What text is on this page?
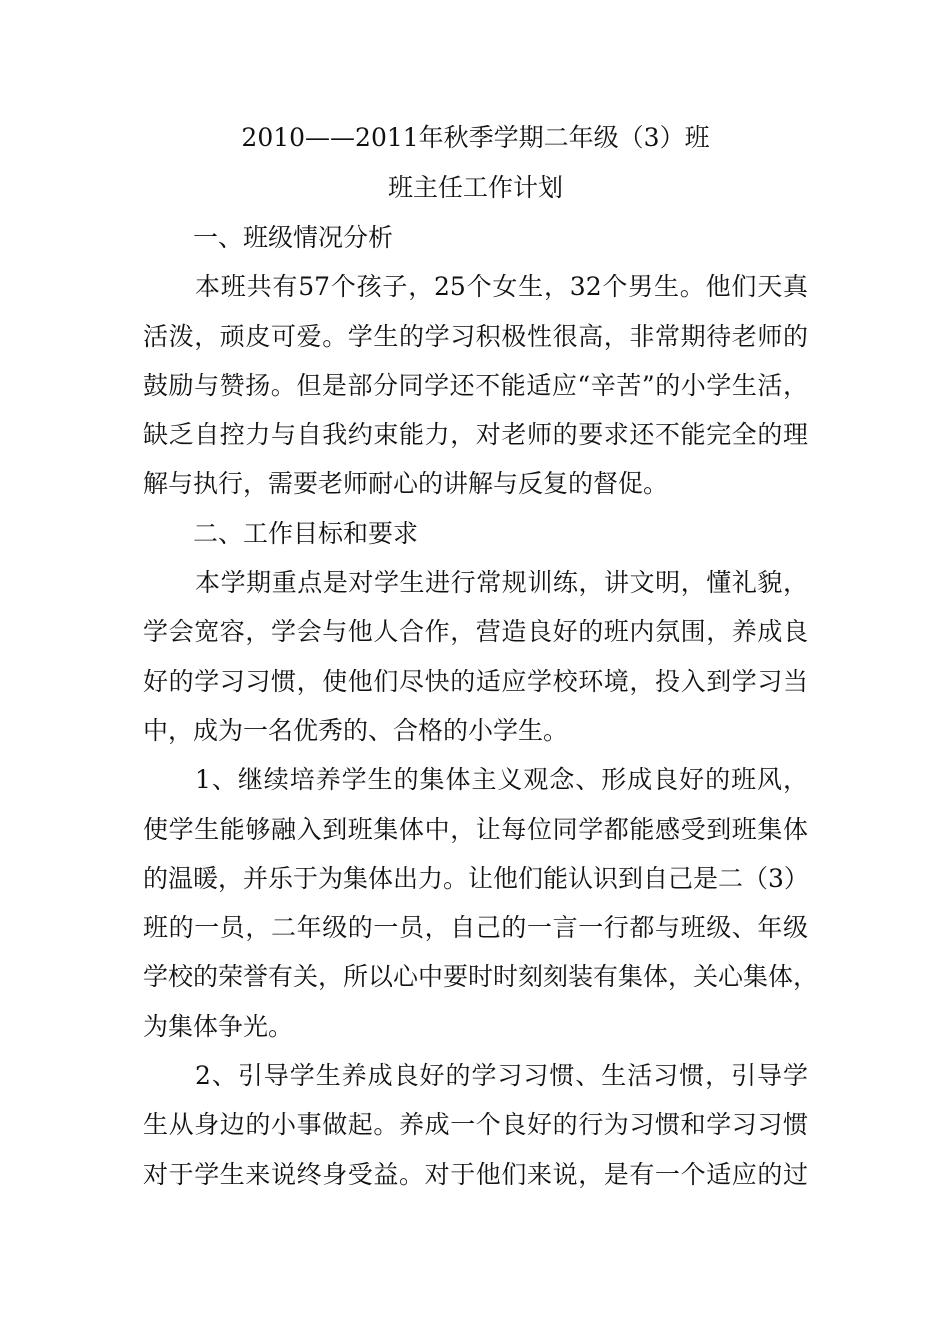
2010——2011年秋季学期二年级（3）班
班主任工作计划

一、班级情况分析

本班共有57个孩子，25个女生，32个男生。他们天真
活泼，顽皮可爱。学生的学习积极性很高，非常期待老师的
鼓励与赞扬。但是部分同学还不能适应“辛苦”的小学生活，
缺乏自控力与自我约束能力，对老师的要求还不能完全的理
解与执行，需要老师耐心的讲解与反复的督促。

二、工作目标和要求

本学期重点是对学生进行常规训练，讲文明，懂礼貌，
学会宽容，学会与他人合作，营造良好的班内氛围，养成良
好的学习习惯，使他们尽快的适应学校环境，投入到学习当
中，成为一名优秀的、合格的小学生。
1、继续培养学生的集体主义观念、形成良好的班风，
使学生能够融入到班集体中，让每位同学都能感受到班集体
的温暖，并乐于为集体出力。让他们能认识到自己是二（3）
班的一员，二年级的一员，自己的一言一行都与班级、年级
学校的荣誉有关，所以心中要时时刻刻装有集体，关心集体，
为集体争光。
2、引导学生养成良好的学习习惯、生活习惯，引导学
生从身边的小事做起。养成一个良好的行为习惯和学习习惯
对于学生来说终身受益。对于他们来说，是有一个适应的过
